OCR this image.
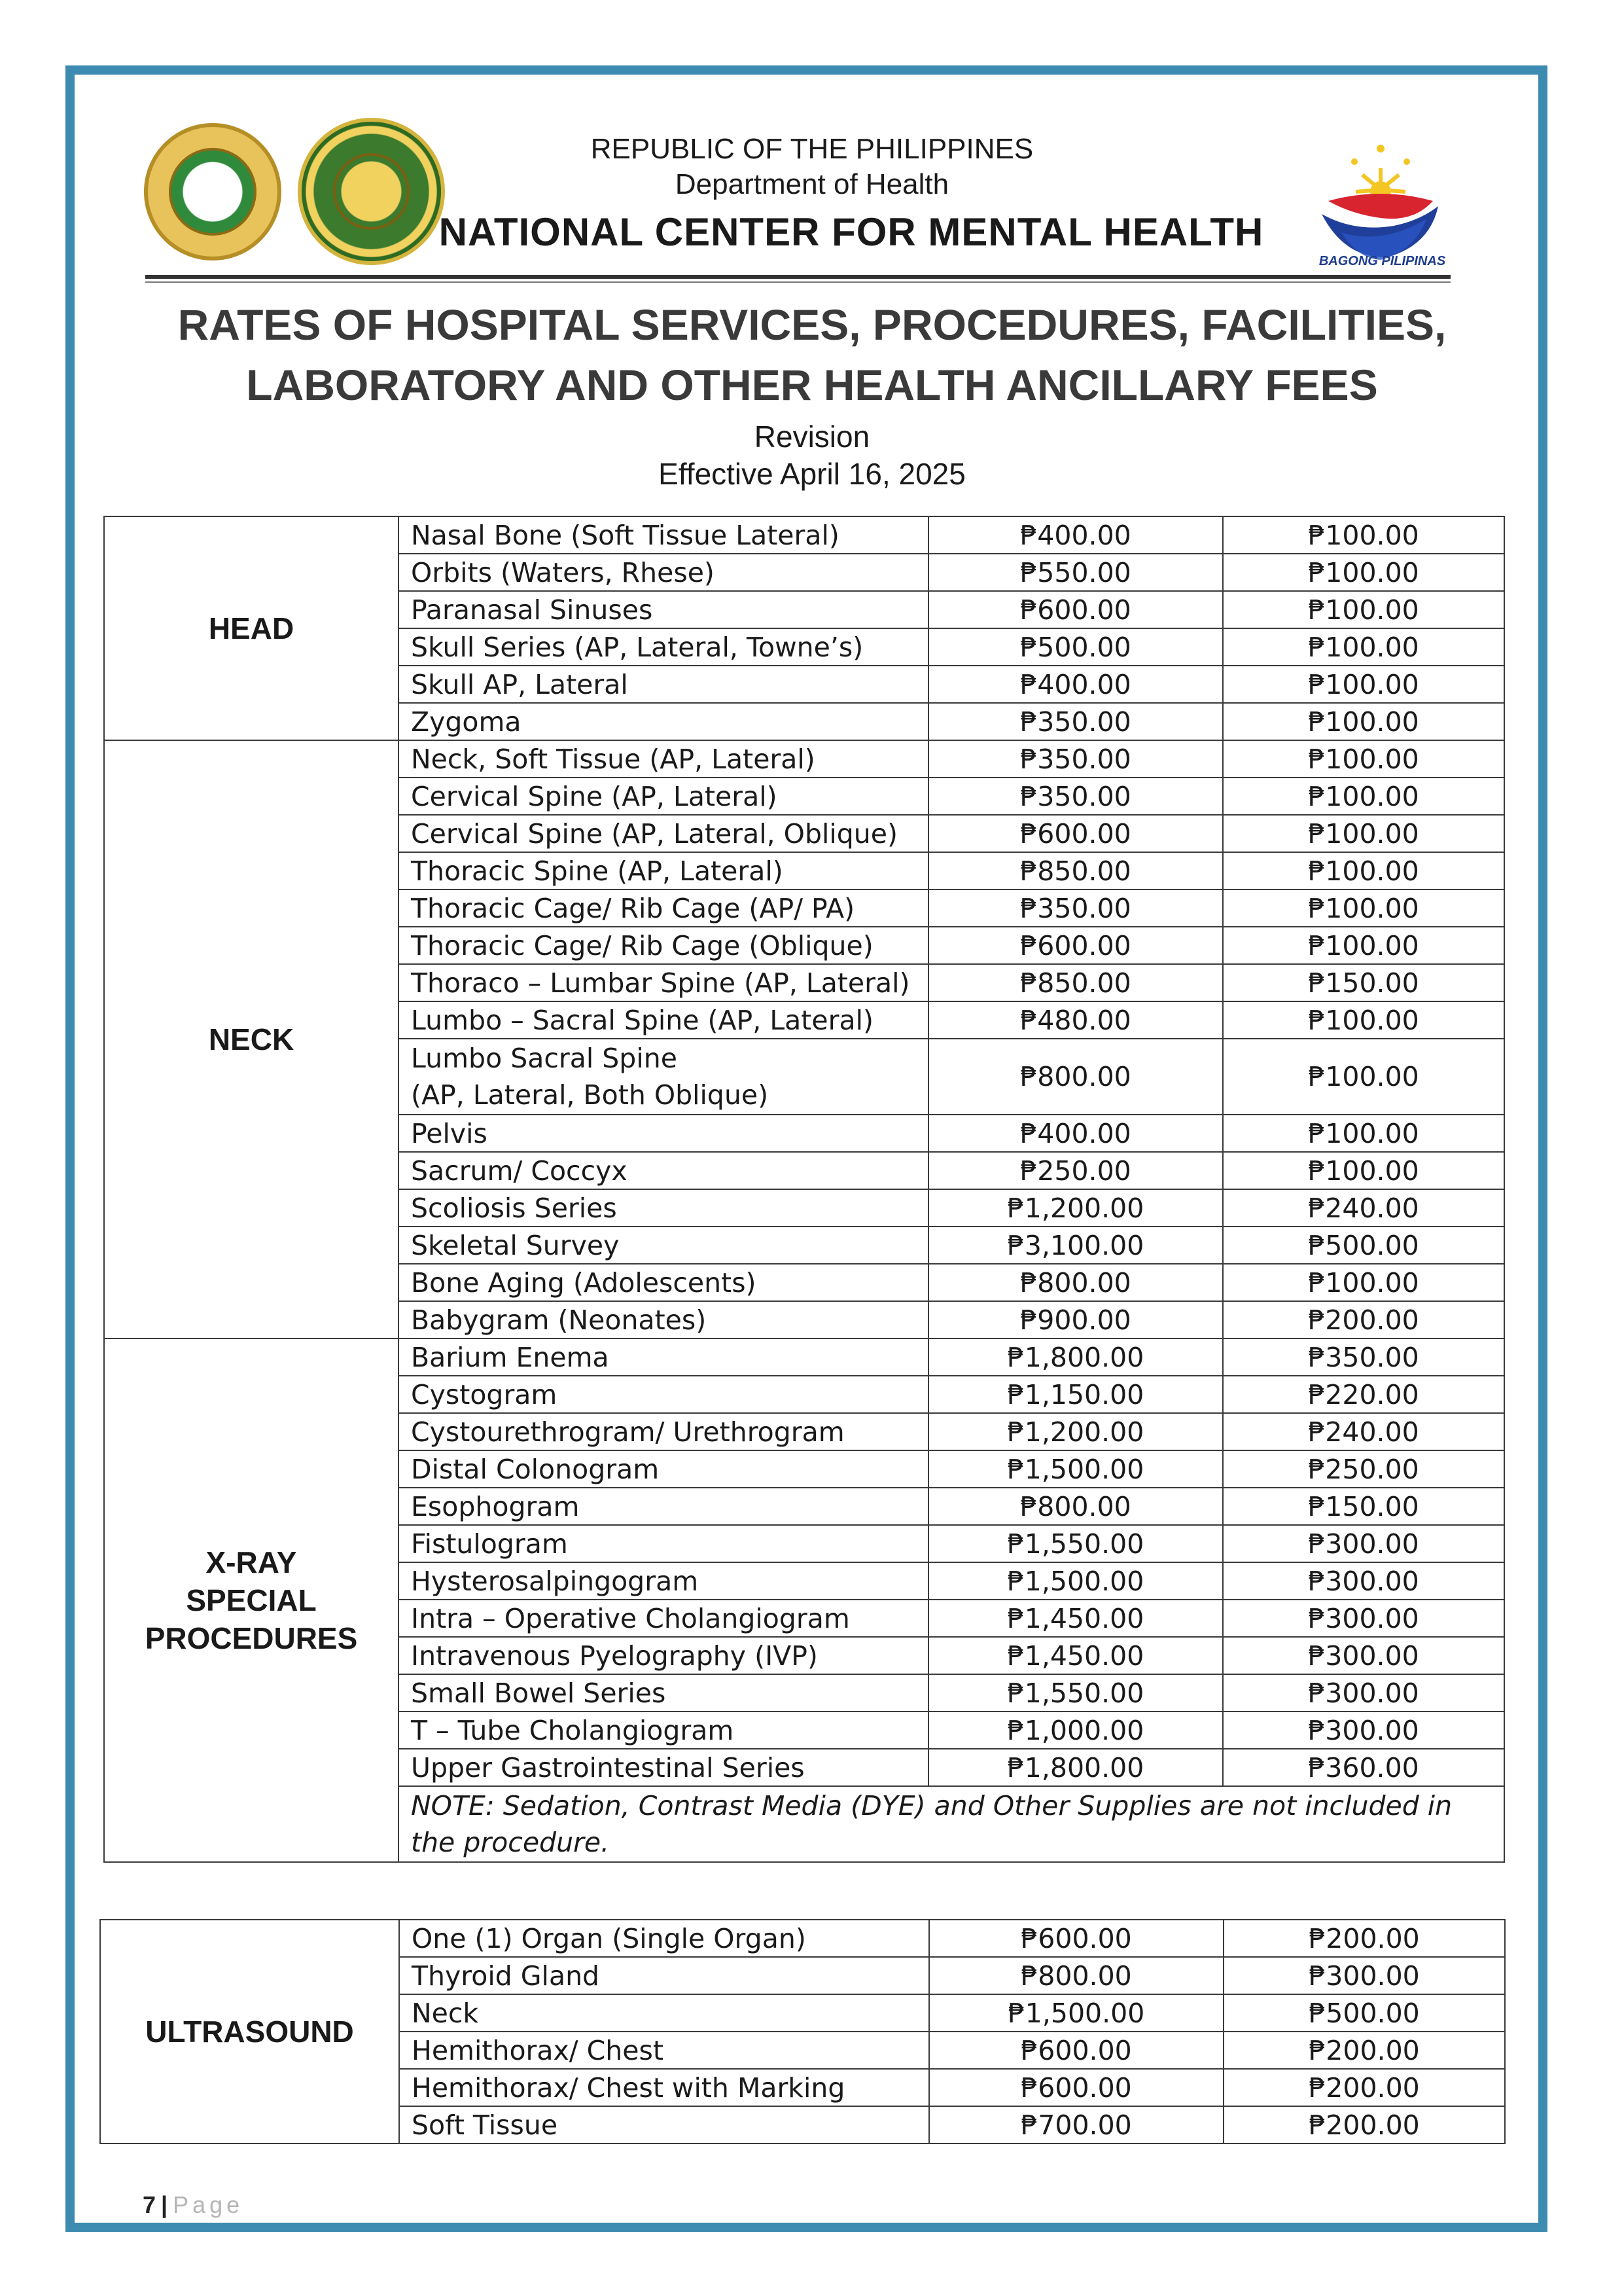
BAGONG PILIPINAS
REPUBLIC OF THE PHILIPPINES
Department of Health
NATIONAL CENTER FOR MENTAL HEALTH
RATES OF HOSPITAL SERVICES, PROCEDURES, FACILITIES,
LABORATORY AND OTHER HEALTH ANCILLARY FEES
Revision
Effective April 16, 2025
HEAD	Nasal Bone (Soft Tissue Lateral)	₱400.00	₱100.00
	Orbits (Waters, Rhese)	₱550.00	₱100.00
	Paranasal Sinuses	₱600.00	₱100.00
	Skull Series (AP, Lateral, Towne’s)	₱500.00	₱100.00
	Skull AP, Lateral	₱400.00	₱100.00
	Zygoma	₱350.00	₱100.00
NECK	Neck, Soft Tissue (AP, Lateral)	₱350.00	₱100.00
	Cervical Spine (AP, Lateral)	₱350.00	₱100.00
	Cervical Spine (AP, Lateral, Oblique)	₱600.00	₱100.00
	Thoracic Spine (AP, Lateral)	₱850.00	₱100.00
	Thoracic Cage/ Rib Cage (AP/ PA)	₱350.00	₱100.00
	Thoracic Cage/ Rib Cage (Oblique)	₱600.00	₱100.00
	Thoraco – Lumbar Spine (AP, Lateral)	₱850.00	₱150.00
	Lumbo – Sacral Spine (AP, Lateral)	₱480.00	₱100.00
	Lumbo Sacral Spine
(AP, Lateral, Both Oblique)	₱800.00	₱100.00
	Pelvis	₱400.00	₱100.00
	Sacrum/ Coccyx	₱250.00	₱100.00
	Scoliosis Series	₱1,200.00	₱240.00
	Skeletal Survey	₱3,100.00	₱500.00
	Bone Aging (Adolescents)	₱800.00	₱100.00
	Babygram (Neonates)	₱900.00	₱200.00
X-RAY
SPECIAL
PROCEDURES	Barium Enema	₱1,800.00	₱350.00
	Cystogram	₱1,150.00	₱220.00
	Cystourethrogram/ Urethrogram	₱1,200.00	₱240.00
	Distal Colonogram	₱1,500.00	₱250.00
	Esophogram	₱800.00	₱150.00
	Fistulogram	₱1,550.00	₱300.00
	Hysterosalpingogram	₱1,500.00	₱300.00
	Intra – Operative Cholangiogram	₱1,450.00	₱300.00
	Intravenous Pyelography (IVP)	₱1,450.00	₱300.00
	Small Bowel Series	₱1,550.00	₱300.00
	T – Tube Cholangiogram	₱1,000.00	₱300.00
	Upper Gastrointestinal Series	₱1,800.00	₱360.00
	NOTE: Sedation, Contrast Media (DYE) and Other Supplies are not included in the procedure.		
ULTRASOUND	One (1) Organ (Single Organ)	₱600.00	₱200.00
	Thyroid Gland	₱800.00	₱300.00
	Neck	₱1,500.00	₱500.00
	Hemithorax/ Chest	₱600.00	₱200.00
	Hemithorax/ Chest with Marking	₱600.00	₱200.00
	Soft Tissue	₱700.00	₱200.00
7 | Page
